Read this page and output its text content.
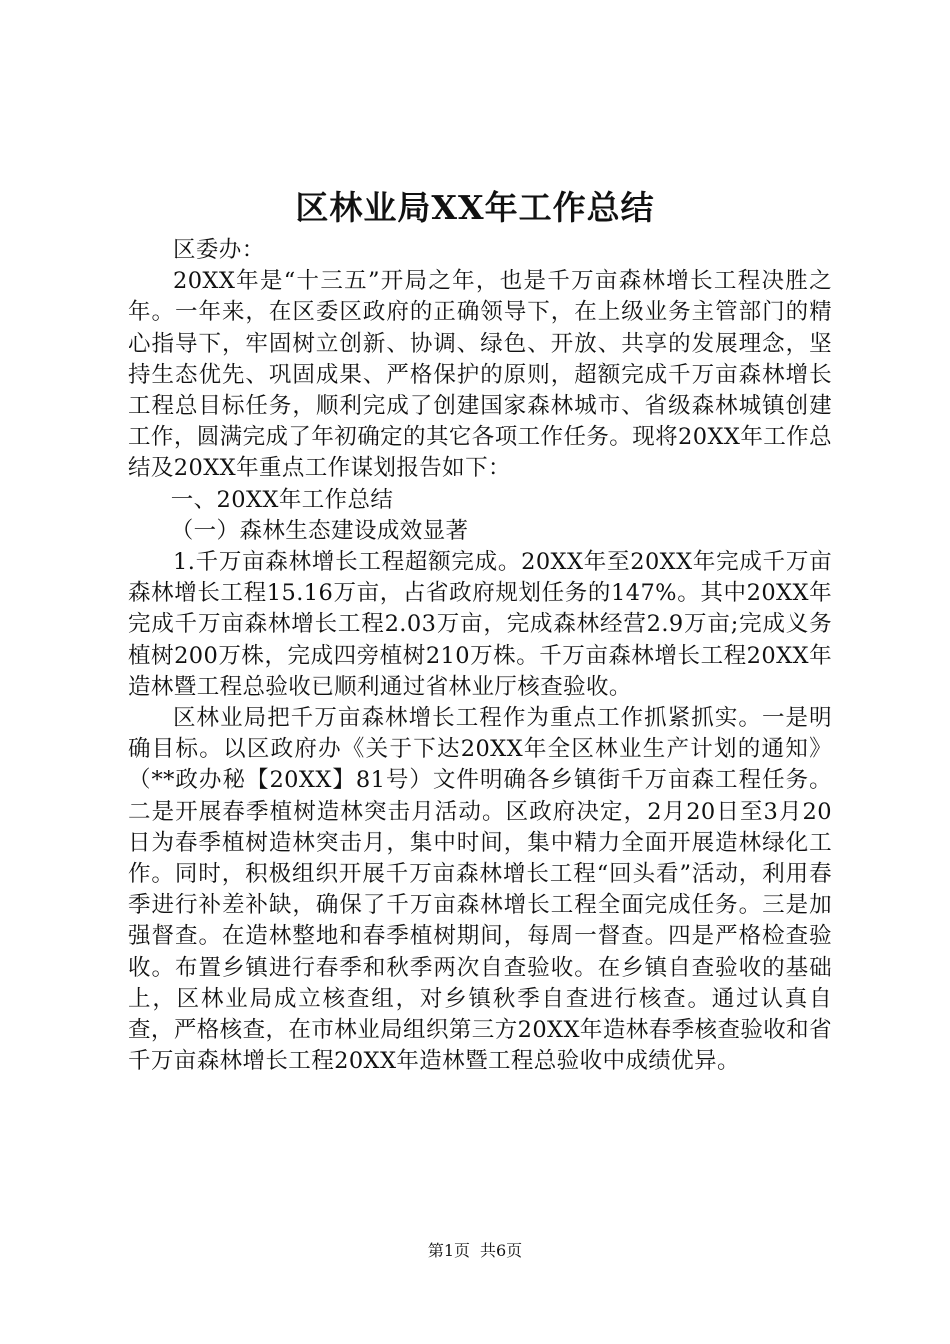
区林业局XX年工作总结

区委办：

20XX年是“十三五”开局之年，也是千万亩森林增长工程决胜之年。一年来，在区委区政府的正确领导下，在上级业务主管部门的精心指导下，牢固树立创新、协调、绿色、开放、共享的发展理念，坚持生态优先、巩固成果、严格保护的原则，超额完成千万亩森林增长工程总目标任务，顺利完成了创建国家森林城市、省级森林城镇创建工作，圆满完成了年初确定的其它各项工作任务。现将20XX年工作总结及20XX年重点工作谋划报告如下：

一、20XX年工作总结

（一）森林生态建设成效显著

1.千万亩森林增长工程超额完成。20XX年至20XX年完成千万亩森林增长工程15.16万亩，占省政府规划任务的147%。其中20XX年完成千万亩森林增长工程2.03万亩，完成森林经营2.9万亩;完成义务植树200万株，完成四旁植树210万株。千万亩森林增长工程20XX年造林暨工程总验收已顺利通过省林业厅核查验收。

区林业局把千万亩森林增长工程作为重点工作抓紧抓实。一是明确目标。以区政府办《关于下达20XX年全区林业生产计划的通知》（**政办秘【20XX】81号）文件明确各乡镇街千万亩森工程任务。二是开展春季植树造林突击月活动。区政府决定，2月20日至3月20日为春季植树造林突击月，集中时间，集中精力全面开展造林绿化工作。同时，积极组织开展千万亩森林增长工程“回头看”活动，利用春季进行补差补缺，确保了千万亩森林增长工程全面完成任务。三是加强督查。在造林整地和春季植树期间，每周一督查。四是严格检查验收。布置乡镇进行春季和秋季两次自查验收。在乡镇自查验收的基础上，区林业局成立核查组，对乡镇秋季自查进行核查。通过认真自查，严格核查，在市林业局组织第三方20XX年造林春季核查验收和省千万亩森林增长工程20XX年造林暨工程总验收中成绩优异。

第1页 共6页
